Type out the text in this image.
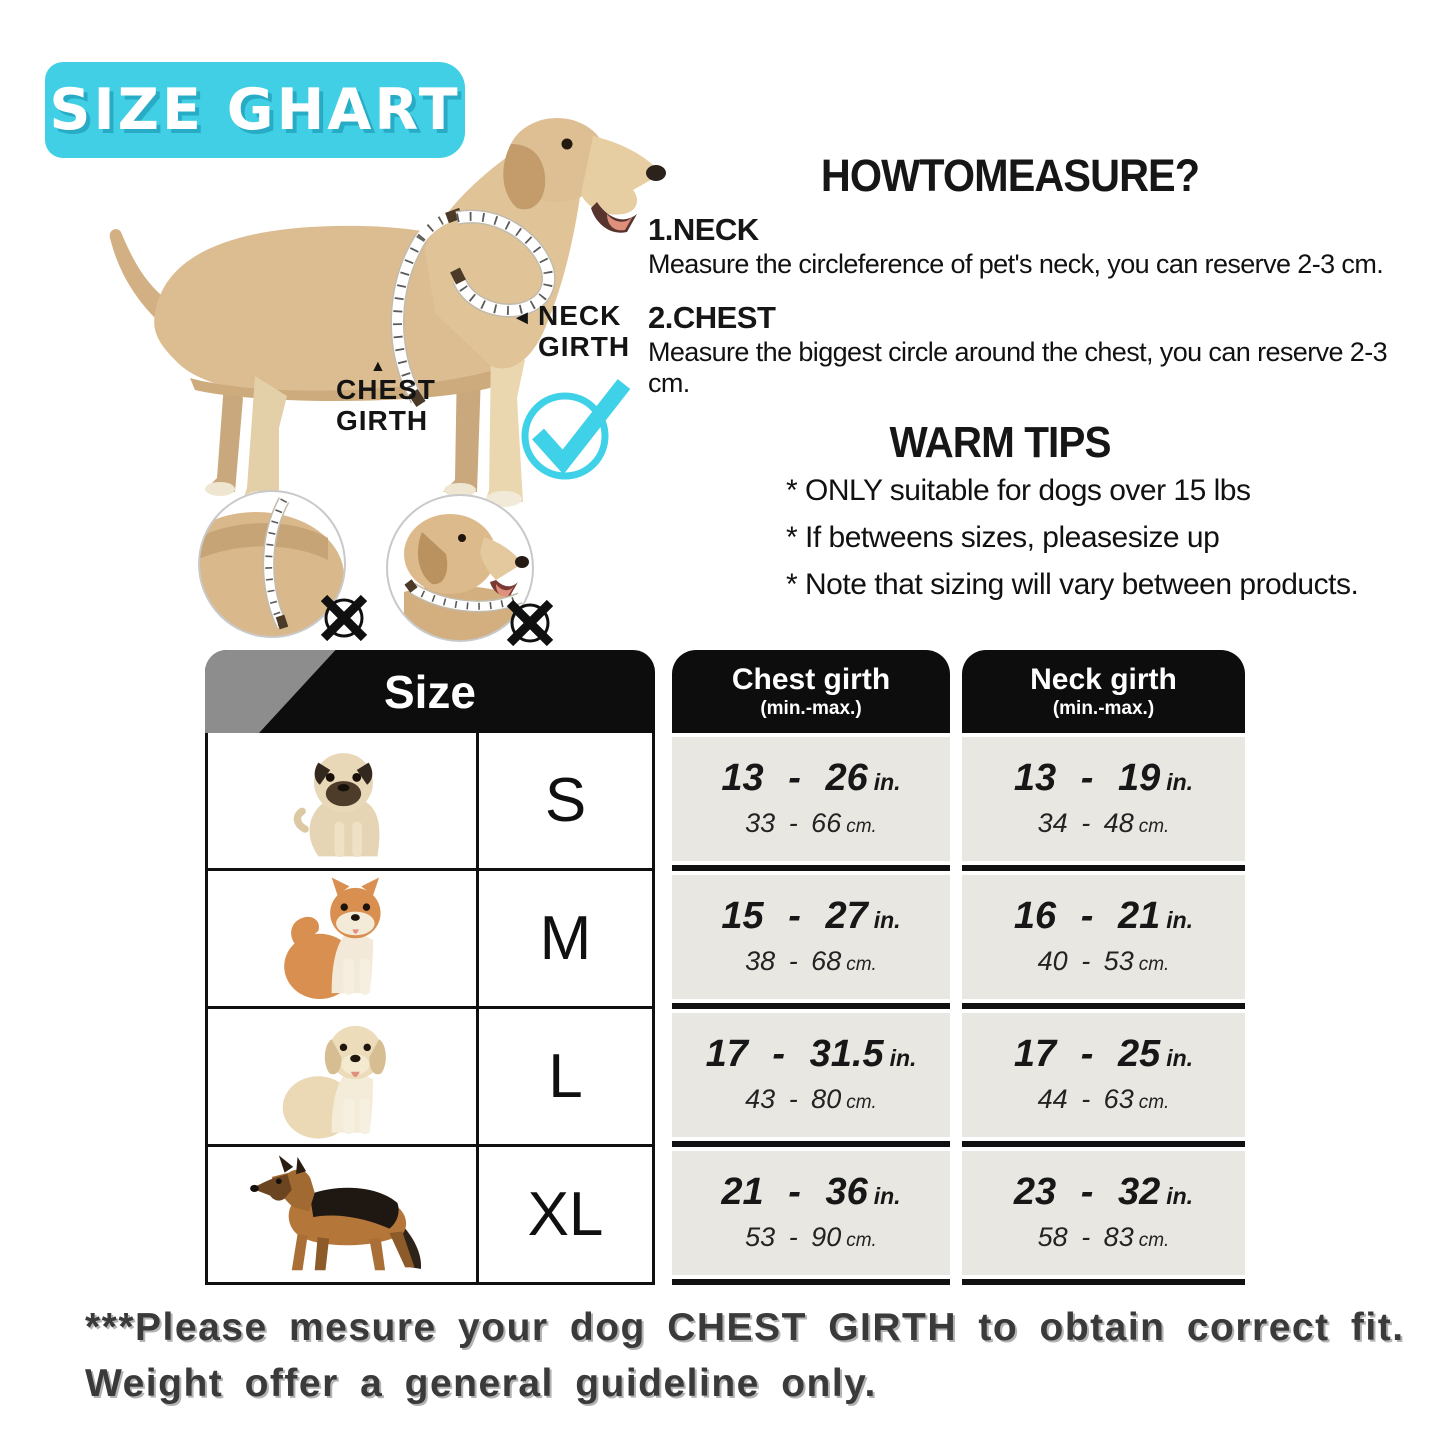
SIZE GHART
◄ NECK
GIRTH
▲
CHEST
GIRTH
HOWTOMEASURE?
1.NECK
Measure the circleference of pet's neck, you can reserve 2-3 cm.
2.CHEST
Measure the biggest circle around the chest, you can reserve 2-3 cm.
WARM TIPS
* ONLY suitable for dogs over 15 lbs
* If betweens sizes, pleasesize up
* Note that sizing will vary between products.
Size
S
M
L
XL
Chest girth
(min.-max.)
13 - 26 in.
33 - 66 cm.
15 - 27 in.
38 - 68 cm.
17 - 31.5 in.
43 - 80 cm.
21 - 36 in.
53 - 90 cm.
Neck girth
(min.-max.)
13 - 19 in.
34 - 48 cm.
16 - 21 in.
40 - 53 cm.
17 - 25 in.
44 - 63 cm.
23 - 32 in.
58 - 83 cm.
***Please mesure your dog CHEST GIRTH to obtain correct fit.
Weight offer a general guideline only.
